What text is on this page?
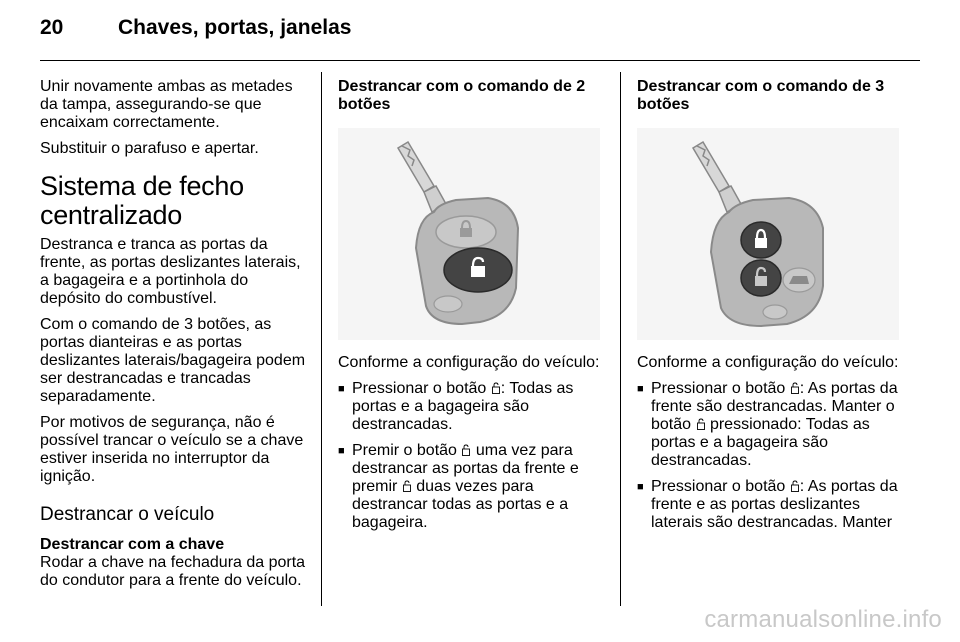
20	Chaves, portas, janelas

Unir novamente ambas as metades da tampa, assegurando-se que encaixam correctamente.

Substituir o parafuso e apertar.

Sistema de fecho centralizado

Destranca e tranca as portas da frente, as portas deslizantes laterais, a bagageira e a portinhola do depósito do combustível.

Com o comando de 3 botões, as portas dianteiras e as portas deslizantes laterais/bagageira podem ser destrancadas e trancadas separadamente.

Por motivos de segurança, não é possível trancar o veículo se a chave estiver inserida no interruptor da ignição.

Destrancar o veículo
Destrancar com a chave

Rodar a chave na fechadura da porta do condutor para a frente do veículo.

Destrancar com o comando de 2 botões

Conforme a configuração do veículo:

■ Pressionar o botão : Todas as portas e a bagageira são destrancadas.
■ Premir o botão uma vez para destrancar as portas da frente e premir duas vezes para destrancar todas as portas e a bagageira.
Destrancar com o comando de 3 botões

Conforme a configuração do veículo:

■ Pressionar o botão : As portas da frente são destrancadas. Manter o botão pressionado: Todas as portas e a bagageira são destrancadas.
■ Pressionar o botão : As portas da frente e as portas deslizantes laterais são destrancadas. Manter
carmanualsonline.info
